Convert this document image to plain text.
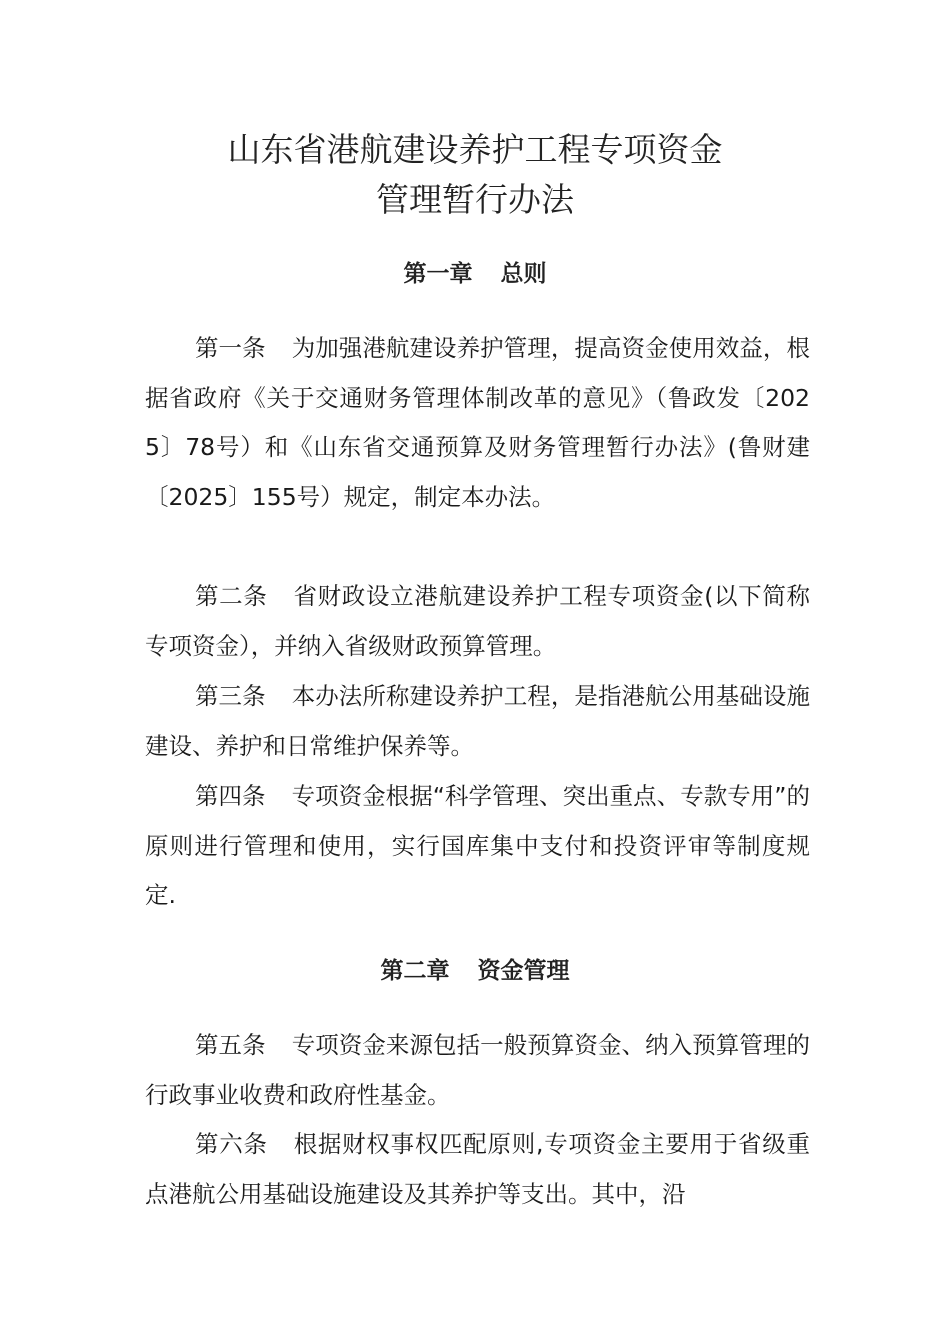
山东省港航建设养护工程专项资金
管理暂行办法
第一章 总则

第一条 为加强港航建设养护管理，提高资金使用效益，根据省政府《关于交通财务管理体制改革的意见》（鲁政发〔2025〕78号）和《山东省交通预算及财务管理暂行办法》(鲁财建〔2025〕155号）规定，制定本办法。

第二条 省财政设立港航建设养护工程专项资金(以下简称专项资金），并纳入省级财政预算管理。

第三条 本办法所称建设养护工程，是指港航公用基础设施建设、养护和日常维护保养等。

第四条 专项资金根据“科学管理、突出重点、专款专用”的原则进行管理和使用，实行国库集中支付和投资评审等制度规定.

第二章 资金管理

第五条 专项资金来源包括一般预算资金、纳入预算管理的行政事业收费和政府性基金。

第六条 根据财权事权匹配原则,专项资金主要用于省级重点港航公用基础设施建设及其养护等支出。其中，沿
